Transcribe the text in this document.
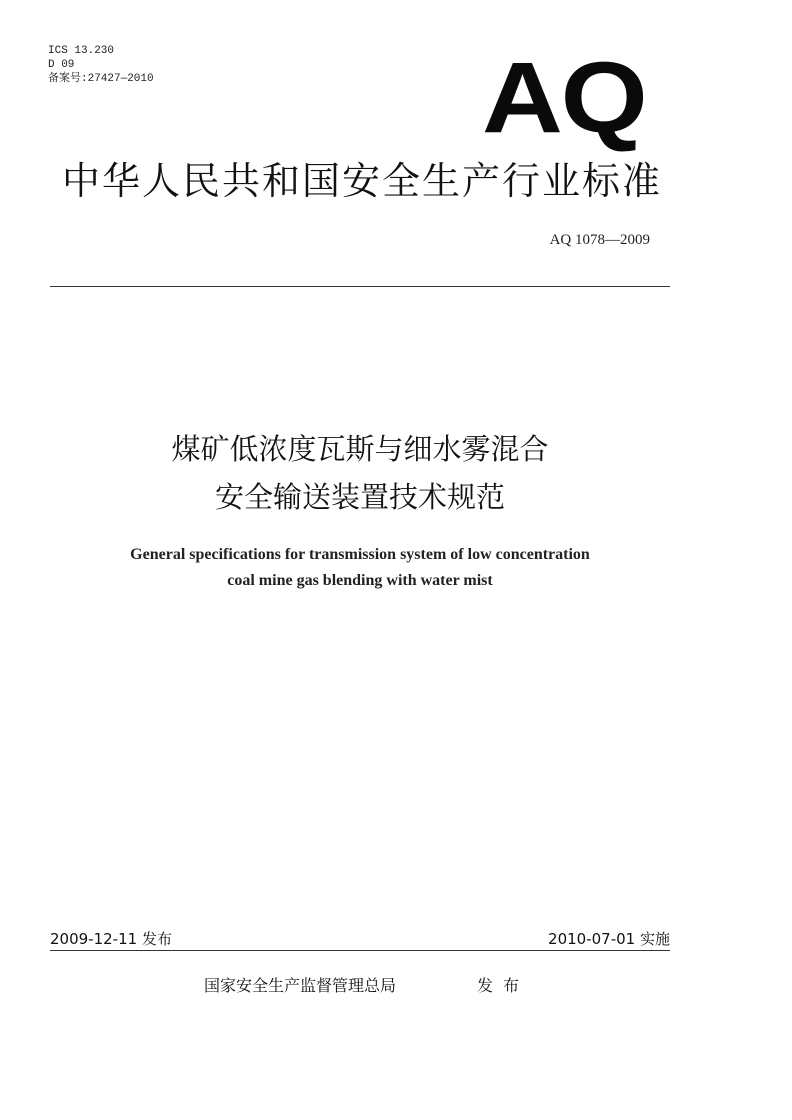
ICS 13.230
D 09
备案号:27427—2010	AQ
中华人民共和国安全生产行业标准
AQ 1078—2009
煤矿低浓度瓦斯与细水雾混合
安全输送装置技术规范
General specifications for transmission system of low concentration
coal mine gas blending with water mist
2009-12-11 发布	2010-07-01 实施
国家安全生产监督管理总局	发布
